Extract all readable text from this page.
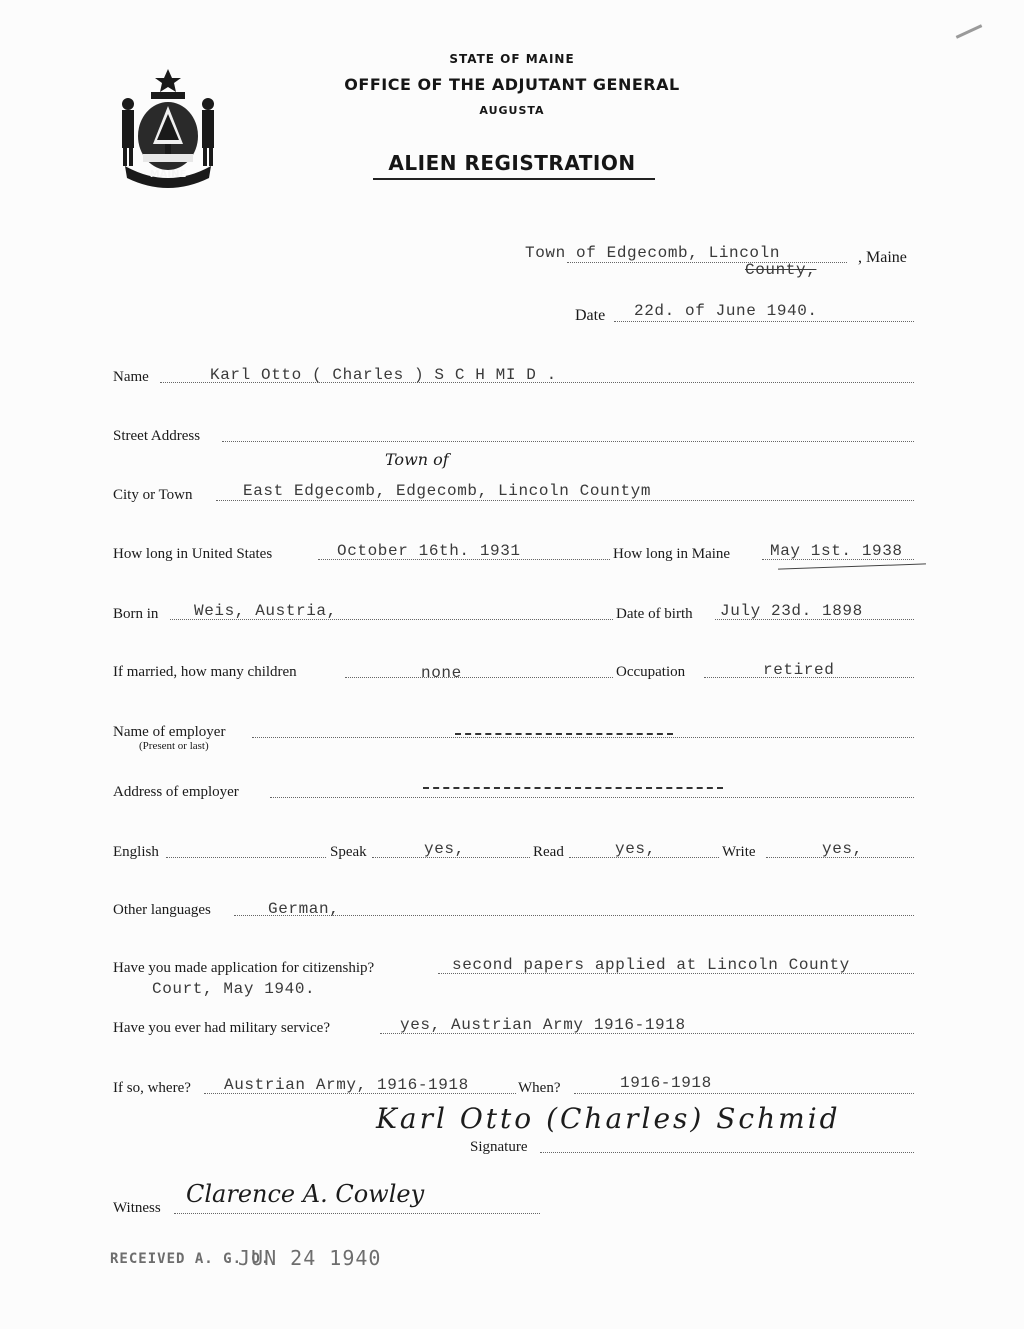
MAINE
STATE OF MAINE
OFFICE OF THE ADJUTANT GENERAL
AUGUSTA
ALIEN REGISTRATION
Town of Edgecomb, Lincoln
County,
, Maine
Date 22d. of June 1940.
Name	Karl Otto ( Charles ) S C H MI D .
Street Address
Town of
City or Town	East Edgecomb, Edgecomb, Lincoln Countym
How long in United States	October 16th. 1931	How long in Maine May 1st. 1938
Born in Weis, Austria,	Date of birth July 23d. 1898
If married, how many children	none	Occupation	retired
Name of employer
(Present or last)
Address of employer
English	Speak	yes,	Read	yes,	Write	yes,
Other languages	German,
Have you made application for citizenship?	second papers applied at Lincoln County
Court, May 1940.
Have you ever had military service?	yes, Austrian Army 1916-1918
If so, where? Austrian Army, 1916-1918	When?	1916-1918
Karl Otto (Charles) Schmid
Signature
Witness Clarence A. Cowley
RECEIVED A. G. O.
JUN 24 1940
